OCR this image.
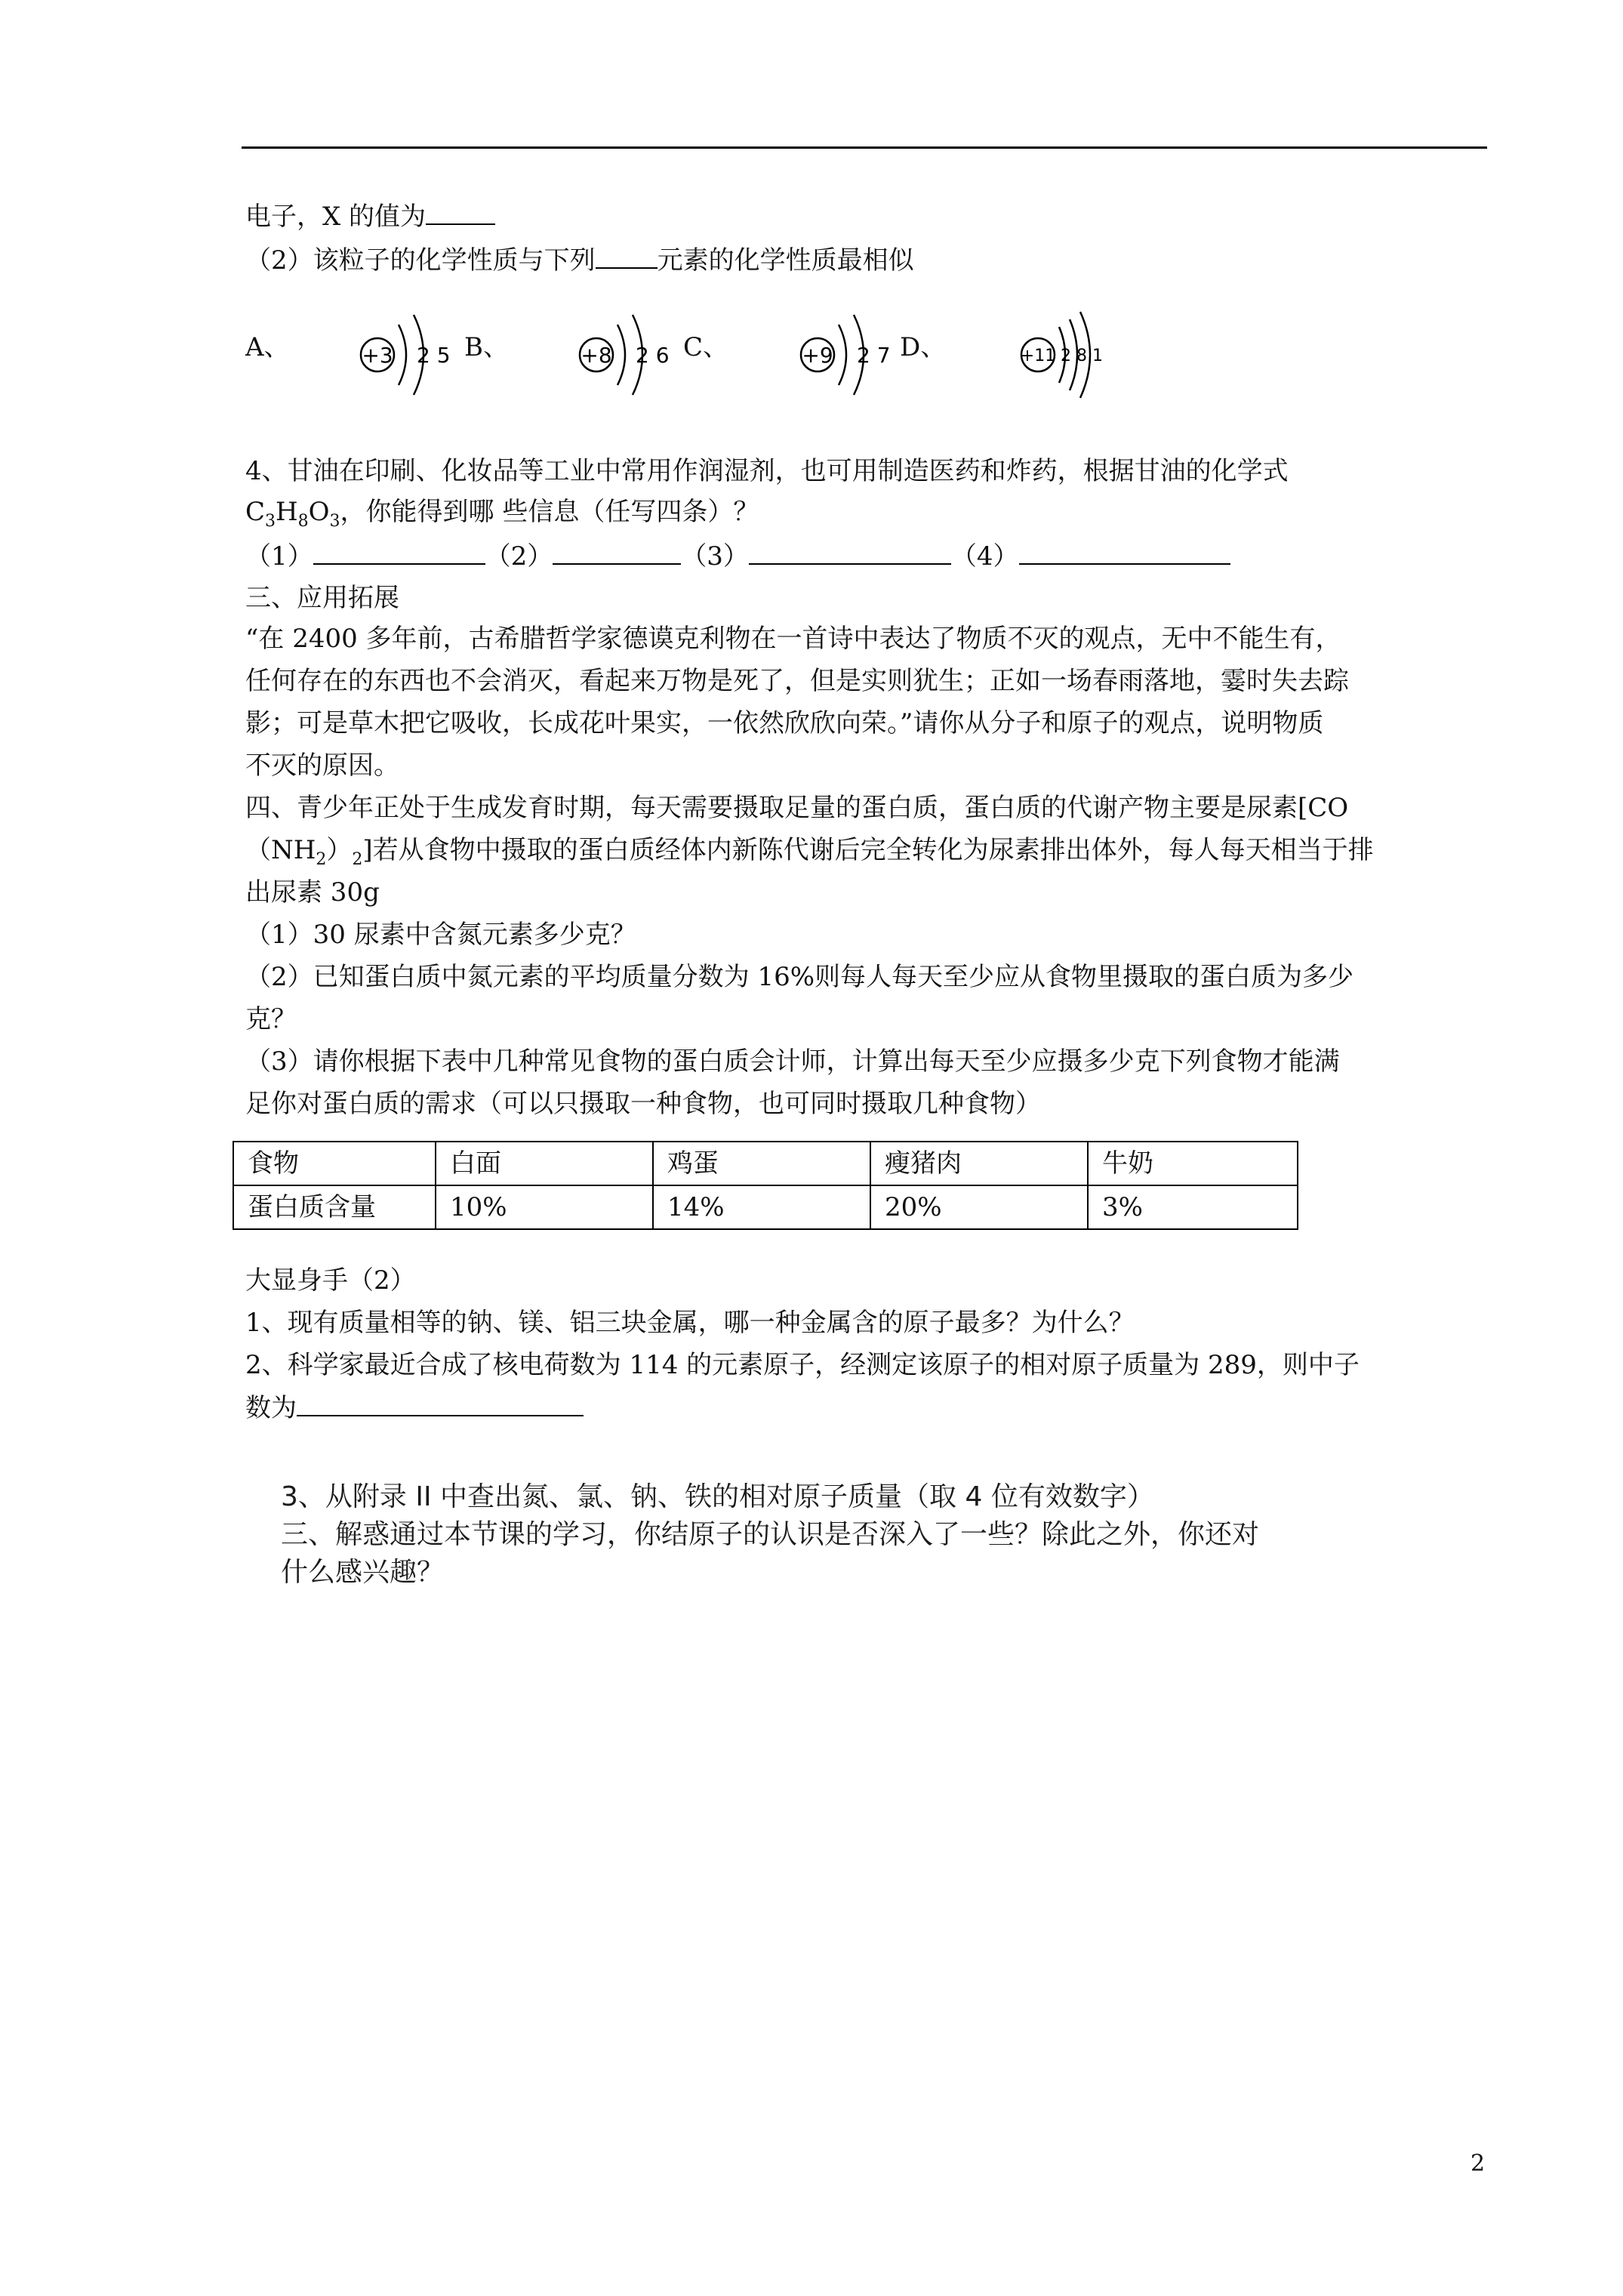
电子，X 的值为
（2）该粒子的化学性质与下列 元素的化学性质最相似
A、	B、	C、	D、
+3 2 5	+8 2 6	+9 2 7	+11 2 8 1
4、甘油在印刷、化妆品等工业中常用作润湿剂，也可用制造医药和炸药，根据甘油的化学式
$C_3H_8O_3$，你能得到哪 些信息（任写四条）？
（1）	（2）	（3）	（4）
三、应用拓展
“在 2400 多年前，古希腊哲学家德谟克利物在一首诗中表达了物质不灭的观点，无中不能生有，
任何存在的东西也不会消灭，看起来万物是死了，但是实则犹生；正如一场春雨落地，霎时失去踪
影；可是草木把它吸收，长成花叶果实，一依然欣欣向荣。”请你从分子和原子的观点，说明物质
不灭的原因。
四、青少年正处于生成发育时期，每天需要摄取足量的蛋白质，蛋白质的代谢产物主要是尿素[CO
$(NH_2)_2$]若从食物中摄取的蛋白质经体内新陈代谢后完全转化为尿素排出体外，每人每天相当于排
出尿素 30g
（1）30 尿素中含氮元素多少克？
（2）已知蛋白质中氮元素的平均质量分数为 16%则每人每天至少应从食物里摄取的蛋白质为多少
克？
（3）请你根据下表中几种常见食物的蛋白质会计师，计算出每天至少应摄多少克下列食物才能满
足你对蛋白质的需求（可以只摄取一种食物，也可同时摄取几种食物）
食物	白面	鸡蛋	瘦猪肉	牛奶
蛋白质含量	10%	14%	20%	3%
大显身手（2）
1、现有质量相等的钠、镁、铝三块金属，哪一种金属含的原子最多？为什么？
2、科学家最近合成了核电荷数为 114 的元素原子，经测定该原子的相对原子质量为 289，则中子
数为
3、从附录 II 中查出氮、氯、钠、铁的相对原子质量（取 4 位有效数字）
三、解惑通过本节课的学习，你结原子的认识是否深入了一些？除此之外，你还对
什么感兴趣？
2
